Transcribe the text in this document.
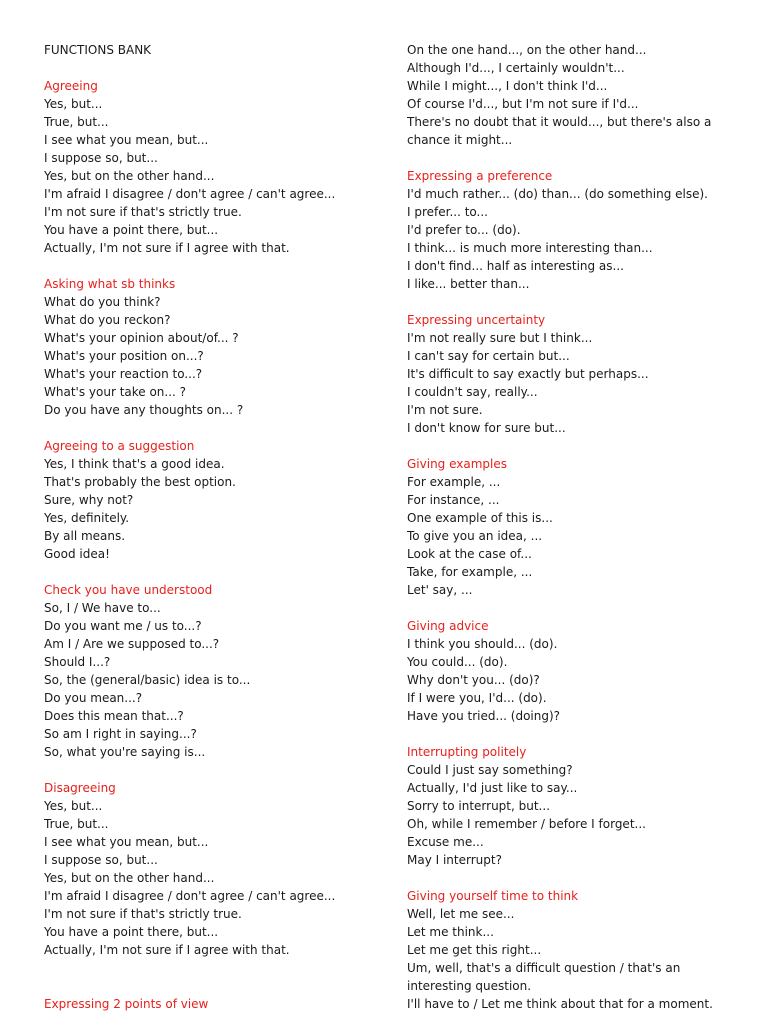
FUNCTIONS BANK
Agreeing
Yes, but...
True, but...
I see what you mean, but...
I suppose so, but...
Yes, but on the other hand...
I'm afraid I disagree / don't agree / can't agree...
I'm not sure if that's strictly true.
You have a point there, but...
Actually, I'm not sure if I agree with that.
Asking what sb thinks
What do you think?
What do you reckon?
What's your opinion about/of... ?
What's your position on...?
What's your reaction to...?
What's your take on... ?
Do you have any thoughts on... ?
Agreeing to a suggestion
Yes, I think that's a good idea.
That's probably the best option.
Sure, why not?
Yes, definitely.
By all means.
Good idea!
Check you have understood
So, I / We have to...
Do you want me / us to...?
Am I / Are we supposed to...?
Should I...?
So, the (general/basic) idea is to...
Do you mean...?
Does this mean that...?
So am I right in saying...?
So, what you're saying is...
Disagreeing
Yes, but...
True, but...
I see what you mean, but...
I suppose so, but...
Yes, but on the other hand...
I'm afraid I disagree / don't agree / can't agree...
I'm not sure if that's strictly true.
You have a point there, but...
Actually, I'm not sure if I agree with that.
Expressing 2 points of view
On the one hand..., on the other hand...
Although I'd..., I certainly wouldn't...
While I might..., I don't think I'd...
Of course I'd..., but I'm not sure if I'd...
There's no doubt that it would..., but there's also a chance it might...
Expressing a preference
I'd much rather... (do) than... (do something else).
I prefer... to...
I'd prefer to... (do).
I think... is much more interesting than...
I don't find... half as interesting as...
I like... better than...
Expressing uncertainty
I'm not really sure but I think...
I can't say for certain but...
It's difficult to say exactly but perhaps...
I couldn't say, really...
I'm not sure.
I don't know for sure but...
Giving examples
For example, ...
For instance, ...
One example of this is...
To give you an idea, ...
Look at the case of...
Take, for example, ...
Let' say, ...
Giving advice
I think you should... (do).
You could... (do).
Why don't you... (do)?
If I were you, I'd... (do).
Have you tried... (doing)?
Interrupting politely
Could I just say something?
Actually, I'd just like to say...
Sorry to interrupt, but...
Oh, while I remember / before I forget...
Excuse me...
May I interrupt?
Giving yourself time to think
Well, let me see...
Let me think...
Let me get this right...
Um, well, that's a difficult question / that's an interesting question.
I'll have to / Let me think about that for a moment.
